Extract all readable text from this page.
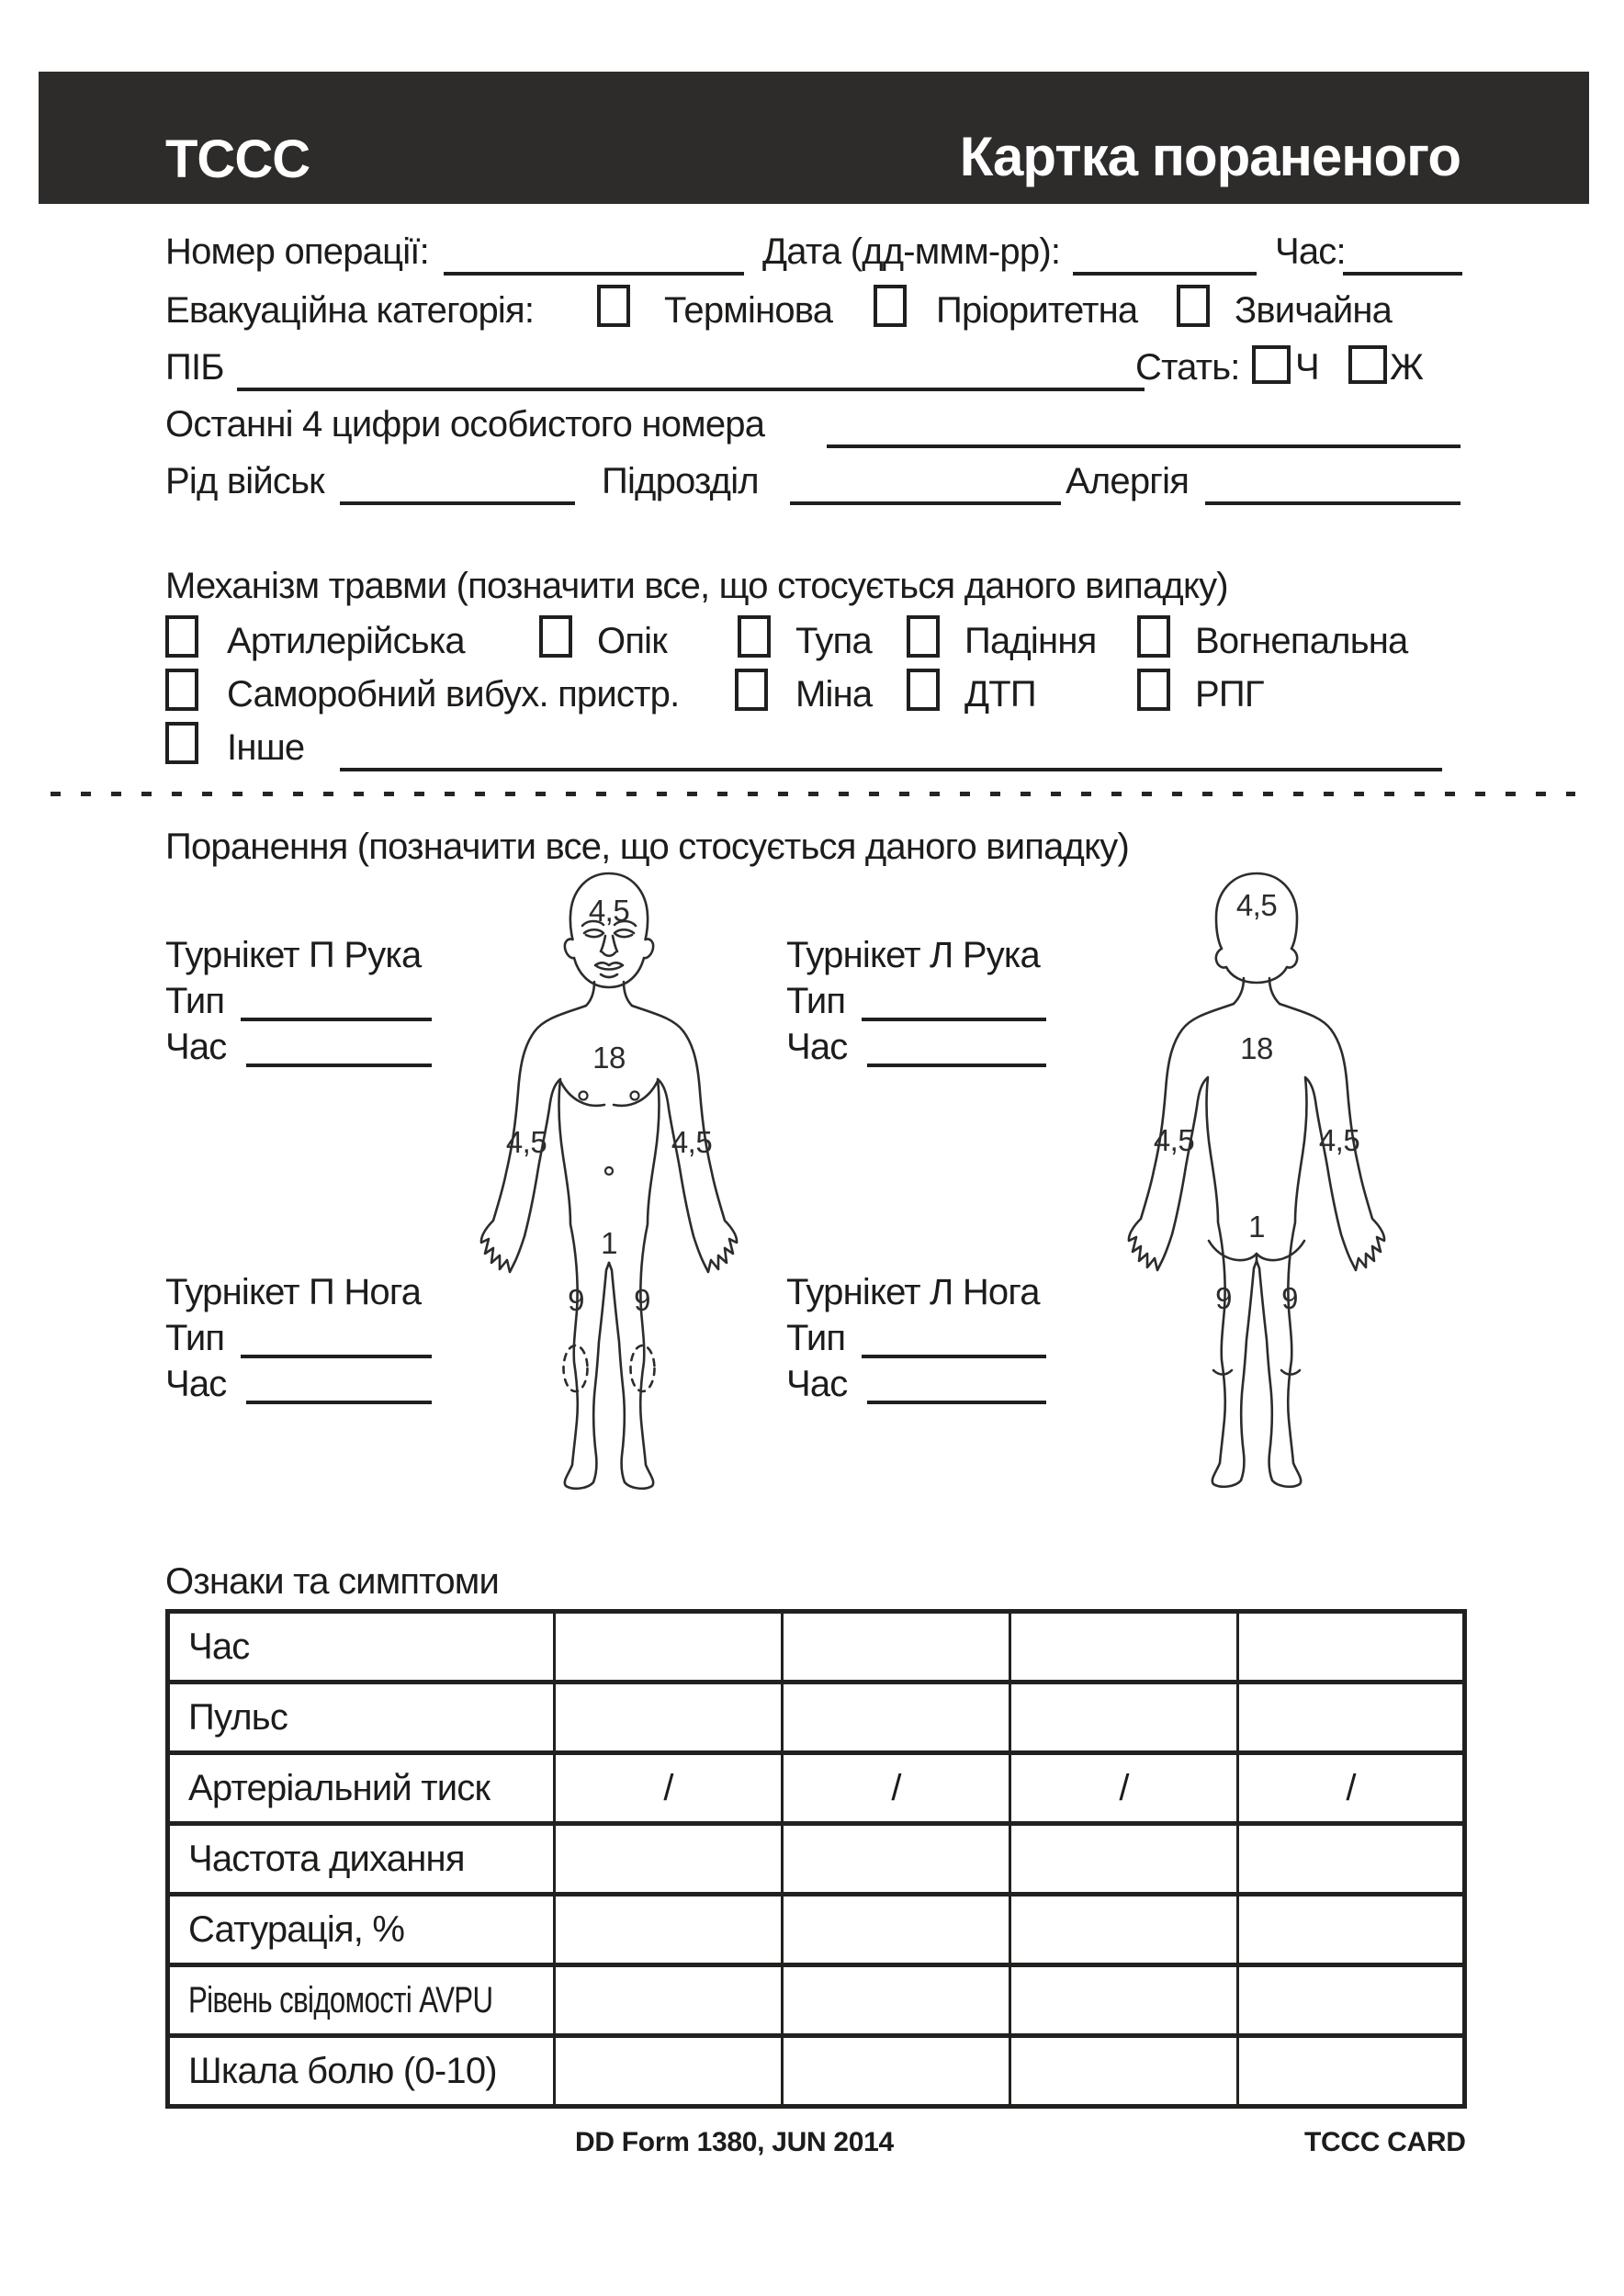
ТССС	Картка пораненого
Номер операції:	Дата (дд-ммм-рр):	Час:
Евакуаційна категорія:	Термінова	Пріоритетна	Звичайна
ПІБ	Стать: Ч Ж
Останні 4 цифри особистого номера
Рід військ	Підрозділ	Алергія
Механізм травми (позначити все, що стосується даного випадку)
Артилерійська	Опік	Тупа	Падіння	Вогнепальна
Саморобний вибух. пристр.	Міна	ДТП	РПГ
Інше
Поранення (позначити все, що стосується даного випадку)
Турнікет П Рука
Тип
Час
Турнікет Л Рука
Тип
Час
Турнікет П Нога
Тип
Час
Турнікет Л Нога
Тип
Час
4,5
18
4,5	4,5
1
9 9
4,5
18
4,5	4,5
1
9 9
Ознаки та симптоми
Час				
Пульс				
Артеріальний тиск	/	/	/	/
Частота дихання				
Сатурація, %				
Рівень свідомості AVPU				
Шкала болю (0-10)				
DD Form 1380, JUN 2014	TCCC CARD
